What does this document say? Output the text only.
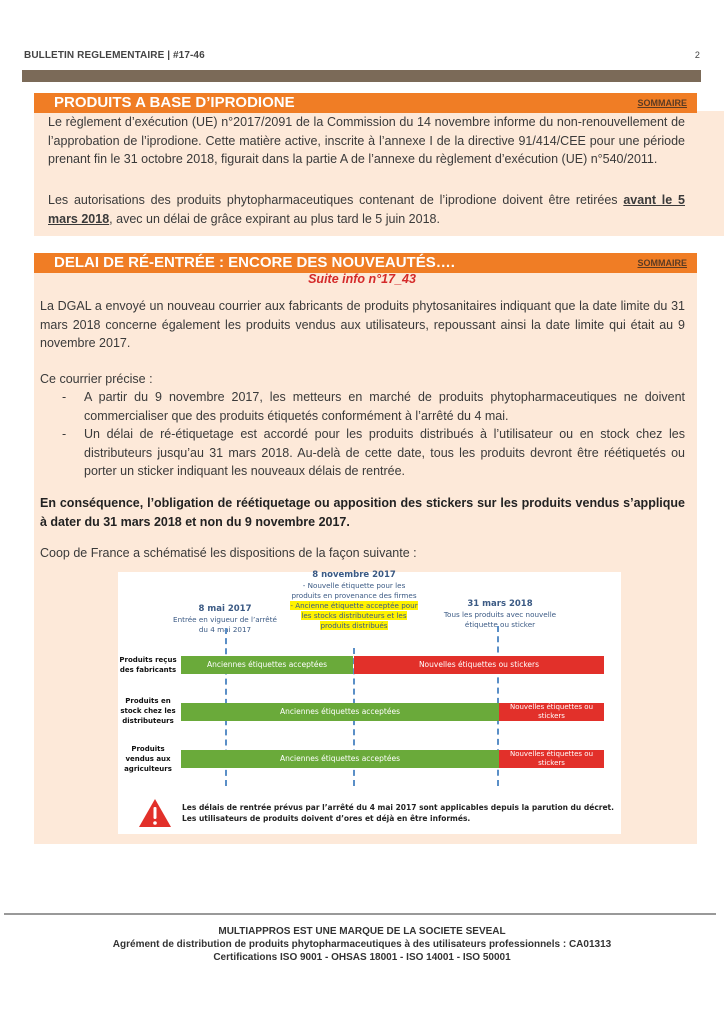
BULLETIN REGLEMENTAIRE | #17-46	2
PRODUITS A BASE D’IPRODIONE	SOMMAIRE
Le règlement d’exécution (UE) n°2017/2091 de la Commission du 14 novembre informe du non-renouvellement de l’approbation de l’iprodione. Cette matière active, inscrite à l’annexe I de la directive 91/414/CEE pour une période prenant fin le 31 octobre 2018, figurait dans la partie A de l’annexe du règlement d’exécution (UE) n°540/2011.
Les autorisations des produits phytopharmaceutiques contenant de l’iprodione doivent être retirées avant le 5 mars 2018, avec un délai de grâce expirant au plus tard le 5 juin 2018.
DELAI DE RÉ-ENTRÉE : ENCORE DES NOUVEAUTÉS….	SOMMAIRE
Suite info n°17_43
La DGAL a envoyé un nouveau courrier aux fabricants de produits phytosanitaires indiquant que la date limite du 31 mars 2018 concerne également les produits vendus aux utilisateurs, repoussant ainsi la date limite qui était au 9 novembre 2017.
Ce courrier précise :
- A partir du 9 novembre 2017, les metteurs en marché de produits phytopharmaceutiques ne doivent commercialiser que des produits étiquetés conformément à l’arrêté du 4 mai.
- Un délai de ré-étiquetage est accordé pour les produits distribués à l’utilisateur ou en stock chez les distributeurs jusqu’au 31 mars 2018. Au-delà de cette date, tous les produits devront être réétiquetés ou porter un sticker indiquant les nouveaux délais de rentrée.
En conséquence, l’obligation de réétiquetage ou apposition des stickers sur les produits vendus s’applique à dater du 31 mars 2018 et non du 9 novembre 2017.
Coop de France a schématisé les dispositions de la façon suivante :
8 mai 2017
Entrée en vigueur de l’arrêté du 4 mai 2017
8 novembre 2017
- Nouvelle étiquette pour les produits en provenance des firmes
- Ancienne étiquette acceptée pour les stocks distributeurs et les produits distribués
31 mars 2018
Tous les produits avec nouvelle étiquette ou sticker
Produits reçus des fabricants
Anciennes étiquettes acceptées	Nouvelles étiquettes ou stickers
Produits en stock chez les distributeurs
Anciennes étiquettes acceptées	Nouvelles étiquettes ou stickers
Produits vendus aux agriculteurs
Anciennes étiquettes acceptées	Nouvelles étiquettes ou stickers
Les délais de rentrée prévus par l’arrêté du 4 mai 2017 sont applicables depuis la parution du décret.
Les utilisateurs de produits doivent d’ores et déjà en être informés.
MULTIAPPROS EST UNE MARQUE DE LA SOCIETE SEVEAL
Agrément de distribution de produits phytopharmaceutiques à des utilisateurs professionnels : CA01313
Certifications ISO 9001 - OHSAS 18001 - ISO 14001 - ISO 50001
